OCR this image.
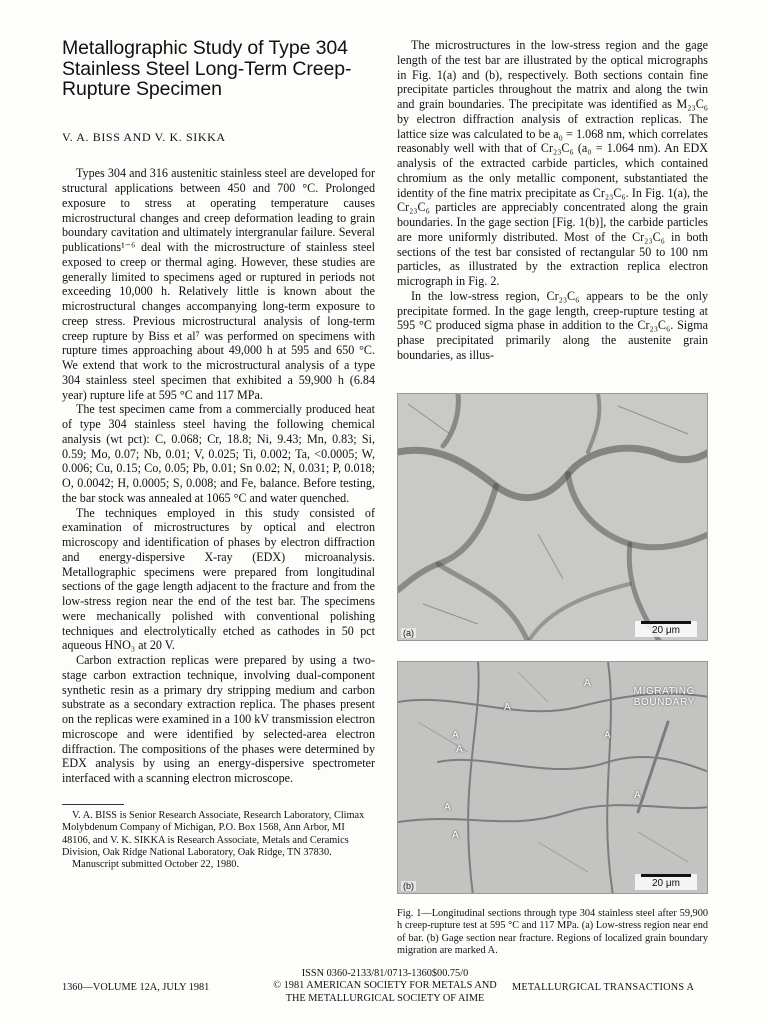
Metallographic Study of Type 304 Stainless Steel Long-Term Creep-Rupture Specimen
V. A. BISS AND V. K. SIKKA

Types 304 and 316 austenitic stainless steel are developed for structural applications between 450 and 700 °C. Prolonged exposure to stress at operating temperature causes microstructural changes and creep deformation leading to grain boundary cavitation and ultimately intergranular failure. Several publications¹⁻⁶ deal with the microstructure of stainless steel exposed to creep or thermal aging. However, these studies are generally limited to specimens aged or ruptured in periods not exceeding 10,000 h. Relatively little is known about the microstructural changes accompanying long-term exposure to creep stress. Previous microstructural analysis of long-term creep rupture by Biss et al⁷ was performed on specimens with rupture times approaching about 49,000 h at 595 and 650 °C. We extend that work to the microstructural analysis of a type 304 stainless steel specimen that exhibited a 59,900 h (6.84 year) rupture life at 595 °C and 117 MPa.

The test specimen came from a commercially produced heat of type 304 stainless steel having the following chemical analysis (wt pct): C, 0.068; Cr, 18.8; Ni, 9.43; Mn, 0.83; Si, 0.59; Mo, 0.07; Nb, 0.01; V, 0.025; Ti, 0.002; Ta, <0.0005; W, 0.006; Cu, 0.15; Co, 0.05; Pb, 0.01; Sn 0.02; N, 0.031; P, 0.018; O, 0.0042; H, 0.0005; S, 0.008; and Fe, balance. Before testing, the bar stock was annealed at 1065 °C and water quenched.

The techniques employed in this study consisted of examination of microstructures by optical and electron microscopy and identification of phases by electron diffraction and energy-dispersive X-ray (EDX) microanalysis. Metallographic specimens were prepared from longitudinal sections of the gage length adjacent to the fracture and from the low-stress region near the end of the test bar. The specimens were mechanically polished with conventional polishing techniques and electrolytically etched as cathodes in 50 pct aqueous HNO₃ at 20 V.

Carbon extraction replicas were prepared by using a two-stage carbon extraction technique, involving dual-component synthetic resin as a primary dry stripping medium and carbon substrate as a secondary extraction replica. The phases present on the replicas were examined in a 100 kV transmission electron microscope and were identified by selected-area electron diffraction. The compositions of the phases were determined by EDX analysis by using an energy-dispersive spectrometer interfaced with a scanning electron microscope.

V. A. BISS is Senior Research Associate, Research Laboratory, Climax Molybdenum Company of Michigan, P.O. Box 1568, Ann Arbor, MI 48106, and V. K. SIKKA is Research Associate, Metals and Ceramics Division, Oak Ridge National Laboratory, Oak Ridge, TN 37830.

Manuscript submitted October 22, 1980.

The microstructures in the low-stress region and the gage length of the test bar are illustrated by the optical micrographs in Fig. 1(a) and (b), respectively. Both sections contain fine precipitate particles throughout the matrix and along the twin and grain boundaries. The precipitate was identified as M₂₃C₆ by electron diffraction analysis of extraction replicas. The lattice size was calculated to be a₀ = 1.068 nm, which correlates reasonably well with that of Cr₂₃C₆ (a₀ = 1.064 nm). An EDX analysis of the extracted carbide particles, which contained chromium as the only metallic component, substantiated the identity of the fine matrix precipitate as Cr₂₃C₆. In Fig. 1(a), the Cr₂₃C₆ particles are appreciably concentrated along the grain boundaries. In the gage section [Fig. 1(b)], the carbide particles are more uniformly distributed. Most of the Cr₂₃C₆ in both sections of the test bar consisted of rectangular 50 to 100 nm particles, as illustrated by the extraction replica electron micrograph in Fig. 2.

In the low-stress region, Cr₂₃C₆ appears to be the only precipitate formed. In the gage length, creep-rupture testing at 595 °C produced sigma phase in addition to the Cr₂₃C₆. Sigma phase precipitated primarily along the austenite grain boundaries, as illus-

(a)	20 μm
MIGRATING
BOUNDARY
A
A
A
A
A
A
A
A
(b)	20 μm
Fig. 1—Longitudinal sections through type 304 stainless steel after 59,900 h creep-rupture test at 595 °C and 117 MPa. (a) Low-stress region near end of bar. (b) Gage section near fracture. Regions of localized grain boundary migration are marked A.
1360—VOLUME 12A, JULY 1981
ISSN 0360-2133/81/0713-1360$00.75/0
© 1981 AMERICAN SOCIETY FOR METALS AND
THE METALLURGICAL SOCIETY OF AIME
METALLURGICAL TRANSACTIONS A
